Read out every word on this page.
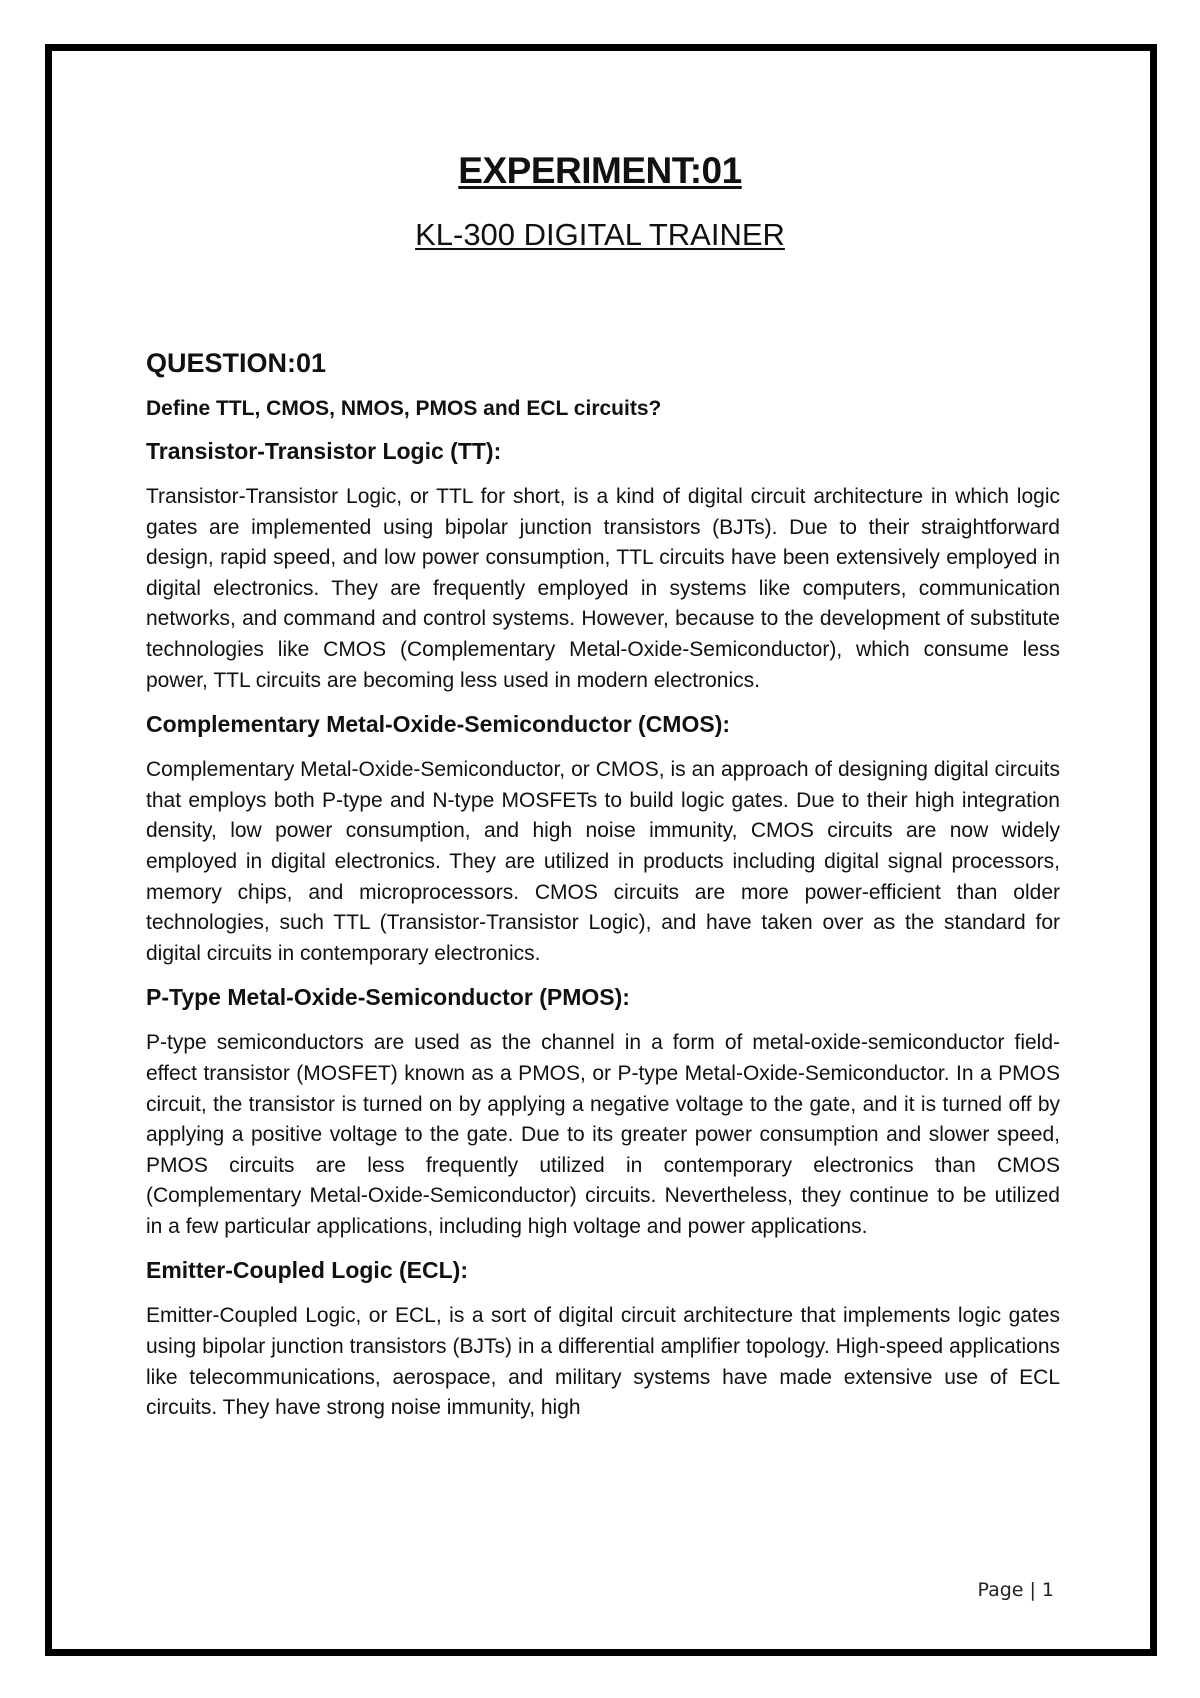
EXPERIMENT:01
KL-300 DIGITAL TRAINER
QUESTION:01
Define TTL, CMOS, NMOS, PMOS and ECL circuits?
Transistor-Transistor Logic (TT):
Transistor-Transistor Logic, or TTL for short, is a kind of digital circuit architecture in which logic gates are implemented using bipolar junction transistors (BJTs). Due to their straightforward design, rapid speed, and low power consumption, TTL circuits have been extensively employed in digital electronics. They are frequently employed in systems like computers, communication networks, and command and control systems. However, because to the development of substitute technologies like CMOS (Complementary Metal-Oxide-Semiconductor), which consume less power, TTL circuits are becoming less used in modern electronics.
Complementary Metal-Oxide-Semiconductor (CMOS):
Complementary Metal-Oxide-Semiconductor, or CMOS, is an approach of designing digital circuits that employs both P-type and N-type MOSFETs to build logic gates. Due to their high integration density, low power consumption, and high noise immunity, CMOS circuits are now widely employed in digital electronics. They are utilized in products including digital signal processors, memory chips, and microprocessors. CMOS circuits are more power-efficient than older technologies, such TTL (Transistor-Transistor Logic), and have taken over as the standard for digital circuits in contemporary electronics.
P-Type Metal-Oxide-Semiconductor (PMOS):
P-type semiconductors are used as the channel in a form of metal-oxide-semiconductor field-effect transistor (MOSFET) known as a PMOS, or P-type Metal-Oxide-Semiconductor. In a PMOS circuit, the transistor is turned on by applying a negative voltage to the gate, and it is turned off by applying a positive voltage to the gate. Due to its greater power consumption and slower speed, PMOS circuits are less frequently utilized in contemporary electronics than CMOS (Complementary Metal-Oxide-Semiconductor) circuits. Nevertheless, they continue to be utilized in a few particular applications, including high voltage and power applications.
Emitter-Coupled Logic (ECL):
Emitter-Coupled Logic, or ECL, is a sort of digital circuit architecture that implements logic gates using bipolar junction transistors (BJTs) in a differential amplifier topology. High-speed applications like telecommunications, aerospace, and military systems have made extensive use of ECL circuits. They have strong noise immunity, high
Page | 1
